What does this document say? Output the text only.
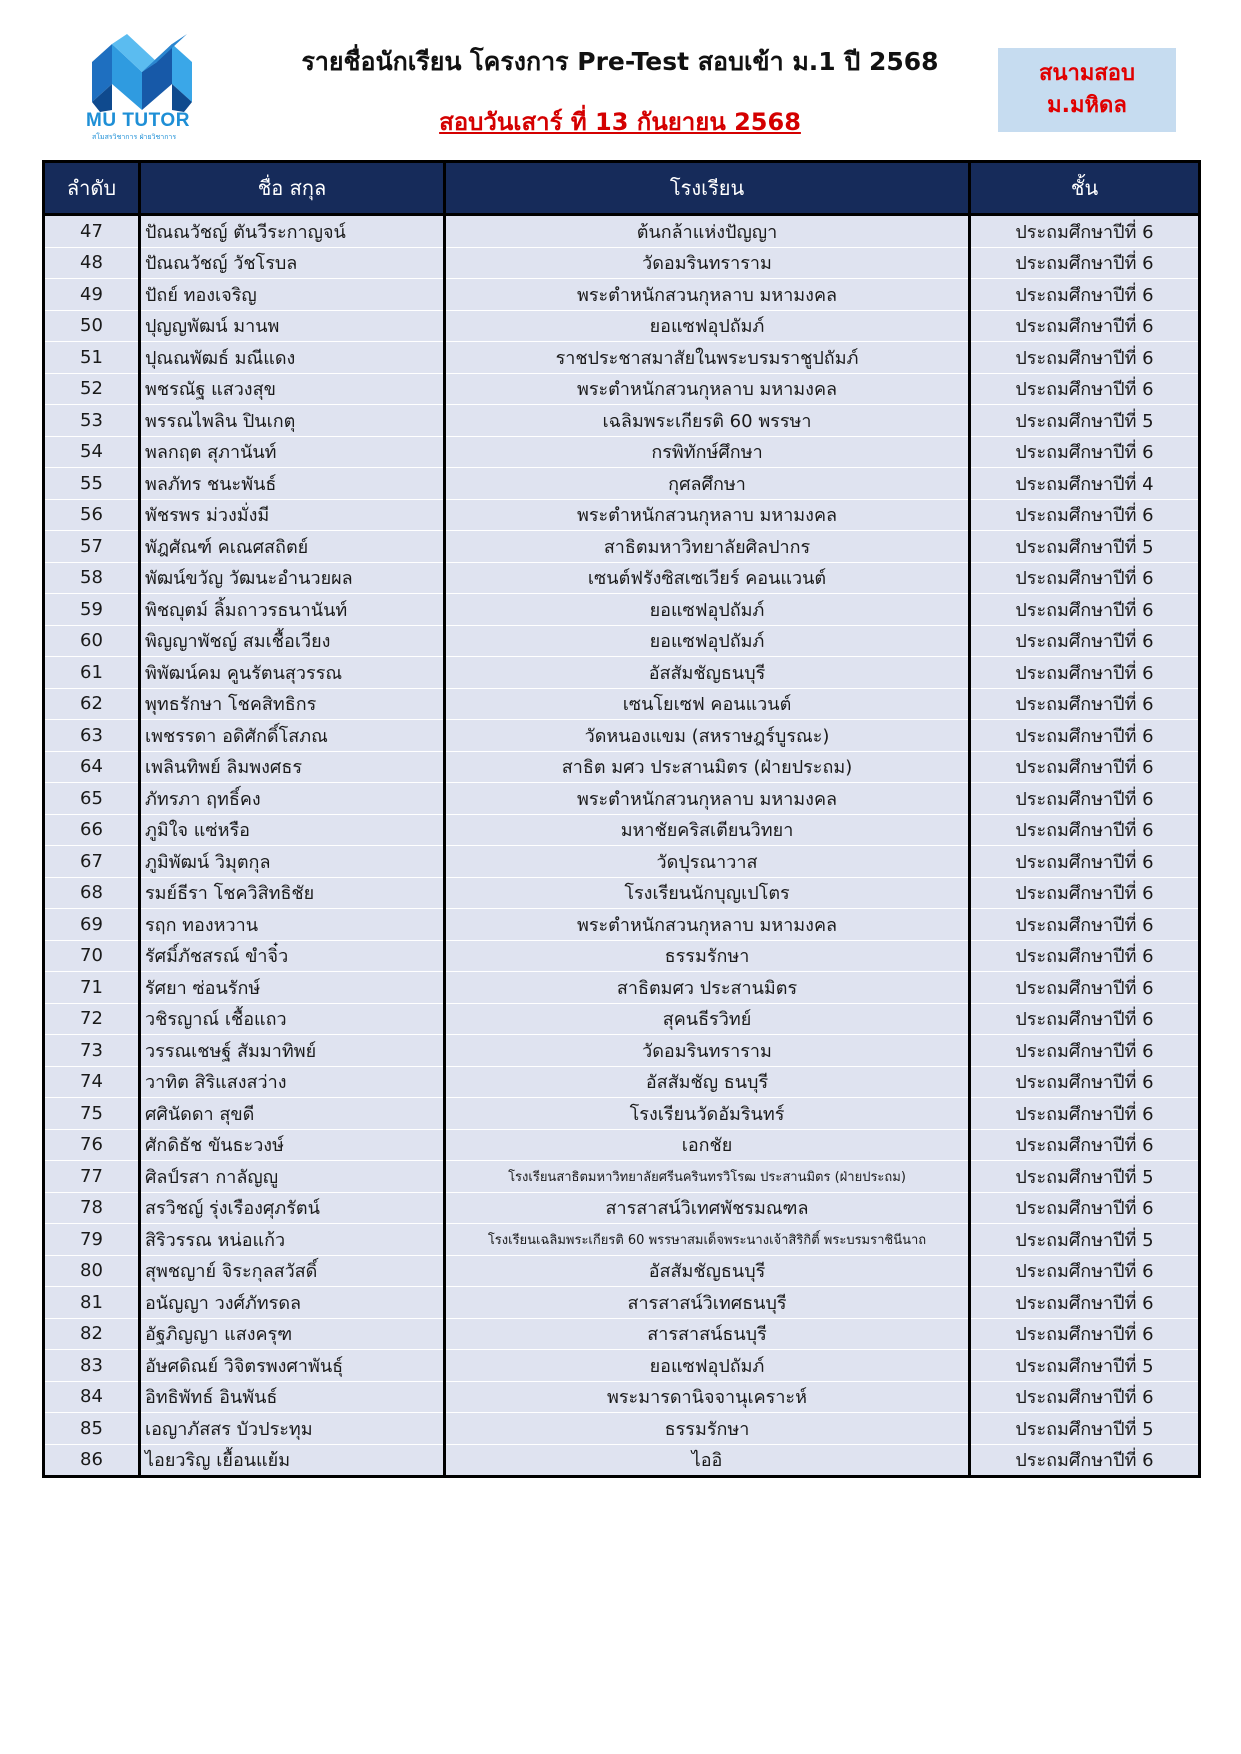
MU TUTOR
สโมสรวิชาการ ฝ่ายวิชาการ
รายชื่อนักเรียน โครงการ Pre-Test สอบเข้า ม.1 ปี 2568
สอบวันเสาร์ ที่ 13 กันยายน 2568
สนามสอบ
ม.มหิดล
ลำดับ	ชื่อ สกุล	โรงเรียน	ชั้น
47	ปัณณวัชญ์ ตันวีระกาญจน์	ต้นกล้าแห่งปัญญา	ประถมศึกษาปีที่ 6
48	ปัณณวัชญ์ วัชโรบล	วัดอมรินทราราม	ประถมศึกษาปีที่ 6
49	ปัถย์ ทองเจริญ	พระตำหนักสวนกุหลาบ มหามงคล	ประถมศึกษาปีที่ 6
50	ปุญญพัฒน์ มานพ	ยอแซฟอุปถัมภ์	ประถมศึกษาปีที่ 6
51	ปุณณพัฒธ์ มณีแดง	ราชประชาสมาสัยในพระบรมราชูปถัมภ์	ประถมศึกษาปีที่ 6
52	พชรณัฐ แสวงสุข	พระตำหนักสวนกุหลาบ มหามงคล	ประถมศึกษาปีที่ 6
53	พรรณไพลิน ปินเกตุ	เฉลิมพระเกียรติ 60 พรรษา	ประถมศึกษาปีที่ 5
54	พลกฤต สุภานันท์	กรพิทักษ์ศึกษา	ประถมศึกษาปีที่ 6
55	พลภัทร ชนะพันธ์	กุศลศึกษา	ประถมศึกษาปีที่ 4
56	พัชรพร ม่วงมั่งมี	พระตำหนักสวนกุหลาบ มหามงคล	ประถมศึกษาปีที่ 6
57	พัฎศัณฑ์ คเณศสถิตย์	สาธิตมหาวิทยาลัยศิลปากร	ประถมศึกษาปีที่ 5
58	พัฒน์ขวัญ วัฒนะอำนวยผล	เซนต์ฟรังซิสเซเวียร์ คอนแวนต์	ประถมศึกษาปีที่ 6
59	พิชญุตม์ ลิ้มถาวรธนานันท์	ยอแซฟอุปถัมภ์	ประถมศึกษาปีที่ 6
60	พิญญาพัชญ์ สมเชื้อเวียง	ยอแซฟอุปถัมภ์	ประถมศึกษาปีที่ 6
61	พิพัฒน์คม คูนรัตนสุวรรณ	อัสสัมชัญธนบุรี	ประถมศึกษาปีที่ 6
62	พุทธรักษา โชคสิทธิกร	เซนโยเซฟ คอนแวนต์	ประถมศึกษาปีที่ 6
63	เพชรรดา อดิศักดิ์โสภณ	วัดหนองแขม (สหราษฎร์บูรณะ)	ประถมศึกษาปีที่ 6
64	เพลินทิพย์ ลิมพงศธร	สาธิต มศว ประสานมิตร (ฝ่ายประถม)	ประถมศึกษาปีที่ 6
65	ภัทรภา ฤทธิ์คง	พระตำหนักสวนกุหลาบ มหามงคล	ประถมศึกษาปีที่ 6
66	ภูมิใจ แซ่หรือ	มหาชัยคริสเตียนวิทยา	ประถมศึกษาปีที่ 6
67	ภูมิพัฒน์ วิมุตกุล	วัดปุรณาวาส	ประถมศึกษาปีที่ 6
68	รมย์ธีรา โชควิสิทธิชัย	โรงเรียนนักบุญเปโตร	ประถมศึกษาปีที่ 6
69	รฤก ทองหวาน	พระตำหนักสวนกุหลาบ มหามงคล	ประถมศึกษาปีที่ 6
70	รัศมิ์ภัชสรณ์ ขำจิ๋ว	ธรรมรักษา	ประถมศึกษาปีที่ 6
71	รัศยา ซ่อนรักษ์	สาธิตมศว ประสานมิตร	ประถมศึกษาปีที่ 6
72	วชิรญาณ์ เชื้อแถว	สุคนธีรวิทย์	ประถมศึกษาปีที่ 6
73	วรรณเชษฐ์ สัมมาทิพย์	วัดอมรินทราราม	ประถมศึกษาปีที่ 6
74	วาทิต สิริแสงสว่าง	อัสสัมชัญ ธนบุรี	ประถมศึกษาปีที่ 6
75	ศศินัดดา สุขดี	โรงเรียนวัดอัมรินทร์	ประถมศึกษาปีที่ 6
76	ศักดิธัช ขันธะวงษ์	เอกชัย	ประถมศึกษาปีที่ 6
77	ศิลป์รสา กาลัญญู	โรงเรียนสาธิตมหาวิทยาลัยศรีนครินทรวิโรฒ ประสานมิตร (ฝ่ายประถม)	ประถมศึกษาปีที่ 5
78	สรวิชญ์ รุ่งเรืองศุภรัตน์	สารสาสน์วิเทศพัชรมณฑล	ประถมศึกษาปีที่ 6
79	สิริวรรณ หน่อแก้ว	โรงเรียนเฉลิมพระเกียรติ 60 พรรษาสมเด็จพระนางเจ้าสิริกิติ์ พระบรมราชินีนาถ	ประถมศึกษาปีที่ 5
80	สุพชญาย์ จิระกุลสวัสดิ์	อัสสัมชัญธนบุรี	ประถมศึกษาปีที่ 6
81	อนัญญา วงศ์ภัทรดล	สารสาสน์วิเทศธนบุรี	ประถมศึกษาปีที่ 6
82	อัฐภิญญา แสงครุฑ	สารสาสน์ธนบุรี	ประถมศึกษาปีที่ 6
83	อัษศดิณย์ วิจิตรพงศาพันธุ์	ยอแซฟอุปถัมภ์	ประถมศึกษาปีที่ 5
84	อิทธิพัทธ์ อินพันธ์	พระมารดานิจจานุเคราะห์	ประถมศึกษาปีที่ 6
85	เอญาภัสสร บัวประทุม	ธรรมรักษา	ประถมศึกษาปีที่ 5
86	ไอยวริญ เยื้อนแย้ม	ไออิ	ประถมศึกษาปีที่ 6
